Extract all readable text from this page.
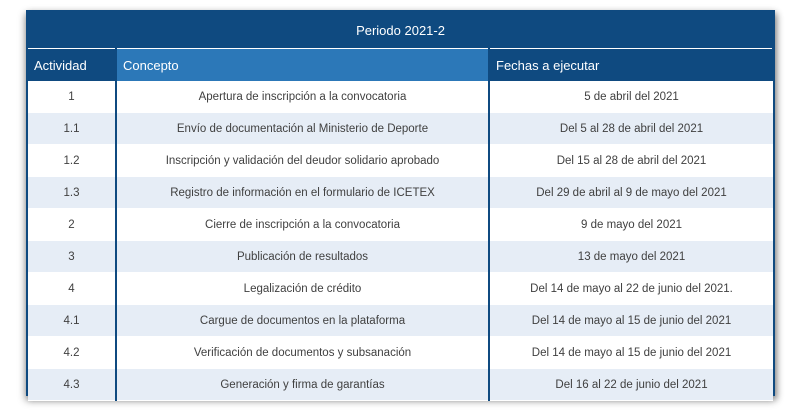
Periodo 2021-2		
Actividad	Concepto	Fechas a ejecutar
1	Apertura de inscripción a la convocatoria	5 de abril del 2021
1.1	Envío de documentación al Ministerio de Deporte	Del 5 al 28 de abril del 2021
1.2	Inscripción y validación del deudor solidario aprobado	Del 15 al 28 de abril del 2021
1.3	Registro de información en el formulario de ICETEX	Del 29 de abril al 9 de mayo del 2021
2	Cierre de inscripción a la convocatoria	9 de mayo del 2021
3	Publicación de resultados	13 de mayo del 2021
4	Legalización de crédito	Del 14 de mayo al 22 de junio del 2021.
4.1	Cargue de documentos en la plataforma	Del 14 de mayo al 15 de junio del 2021
4.2	Verificación de documentos y subsanación	Del 14 de mayo al 15 de junio del 2021
4.3	Generación y firma de garantías	Del 16 al 22 de junio del 2021
